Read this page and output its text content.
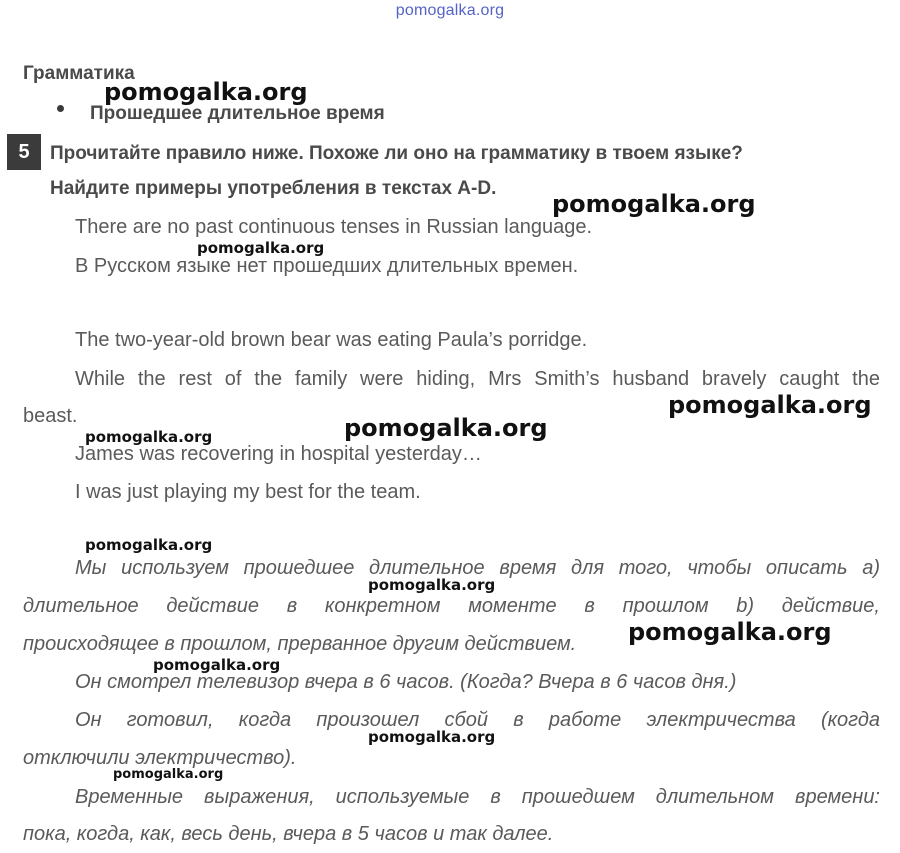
pomogalka.org
Грамматика
Прошедшее длительное время
5	Прочитайте правило ниже. Похоже ли оно на грамматику в твоем языке?
Найдите примеры употребления в текстах A-D.
There are no past continuous tenses in Russian language.
В Русском языке нет прошедших длительных времен.
The two-year-old brown bear was eating Paula’s porridge.
While the rest of the family were hiding, Mrs Smith’s husband bravely caught the
beast.
James was recovering in hospital yesterday…
I was just playing my best for the team.
Мы используем прошедшее длительное время для того, чтобы описать a)
длительное действие в конкретном моменте в прошлом b) действие,
происходящее в прошлом, прерванное другим действием.
Он смотрел телевизор вчера в 6 часов. (Когда? Вчера в 6 часов дня.)
Он готовил, когда произошел сбой в работе электричества (когда
отключили электричество).
Временные выражения, используемые в прошедшем длительном времени:
пока, когда, как, весь день, вчера в 5 часов и так далее.
pomogalka.org
pomogalka.org
pomogalka.org
pomogalka.org
pomogalka.org
pomogalka.org
pomogalka.org
pomogalka.org
pomogalka.org
pomogalka.org
pomogalka.org
pomogalka.org
